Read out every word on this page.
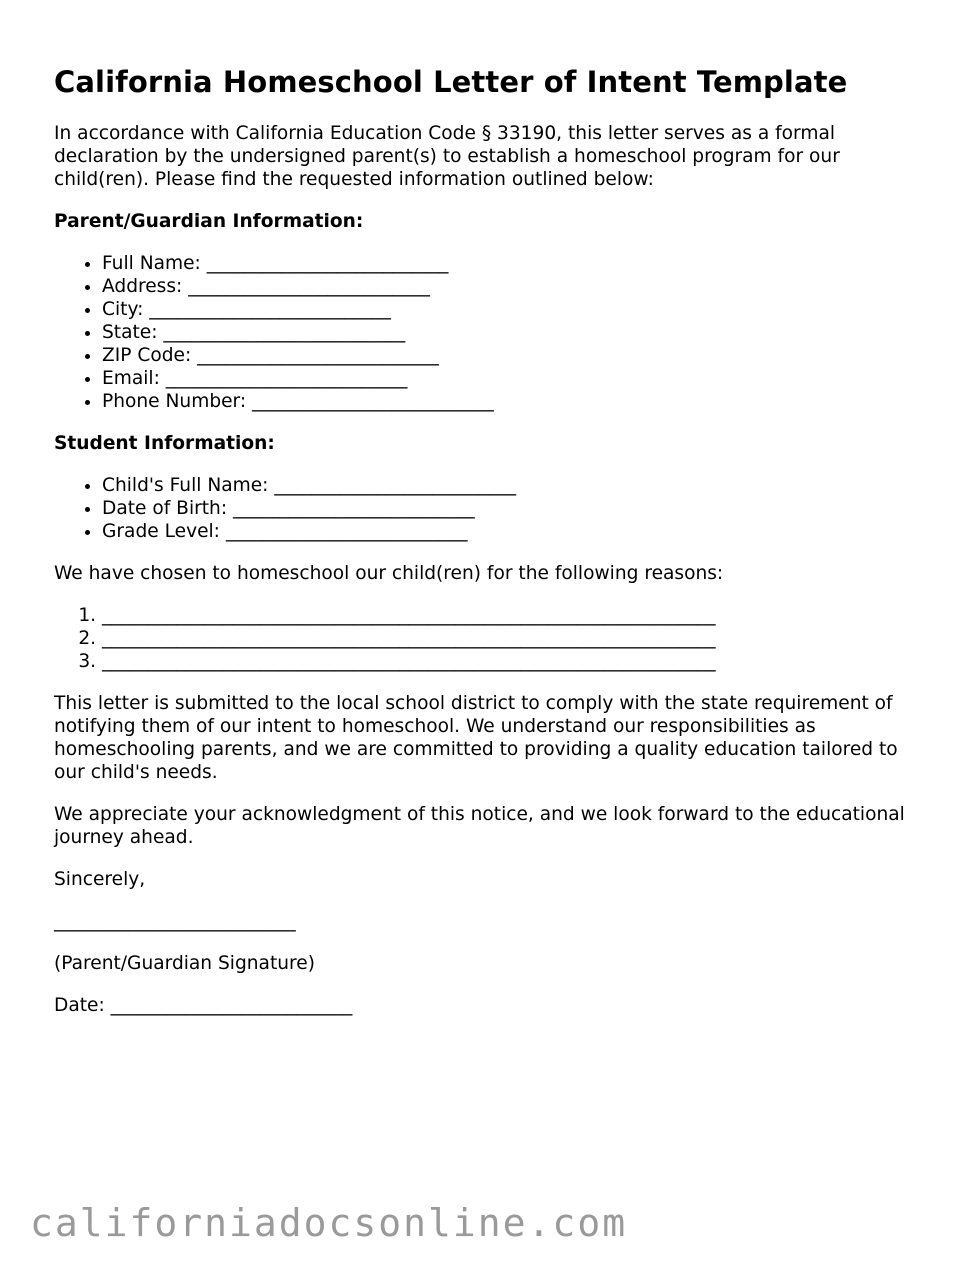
California Homeschool Letter of Intent Template

In accordance with California Education Code § 33190, this letter serves as a formal declaration by the undersigned parent(s) to establish a homeschool program for our child(ren). Please find the requested information outlined below:

Parent/Guardian Information:
• Full Name: __________________________
• Address: __________________________
• City: __________________________
• State: __________________________
• ZIP Code: __________________________
• Email: __________________________
• Phone Number: __________________________
Student Information:
• Child's Full Name: __________________________
• Date of Birth: __________________________
• Grade Level: __________________________

We have chosen to homeschool our child(ren) for the following reasons:

1. __________________________________________________________________
2. __________________________________________________________________
3. __________________________________________________________________

This letter is submitted to the local school district to comply with the state requirement of notifying them of our intent to homeschool. We understand our responsibilities as homeschooling parents, and we are committed to providing a quality education tailored to our child's needs.

We appreciate your acknowledgment of this notice, and we look forward to the educational journey ahead.

Sincerely,

__________________________

(Parent/Guardian Signature)

Date: __________________________

californiadocsonline.com
